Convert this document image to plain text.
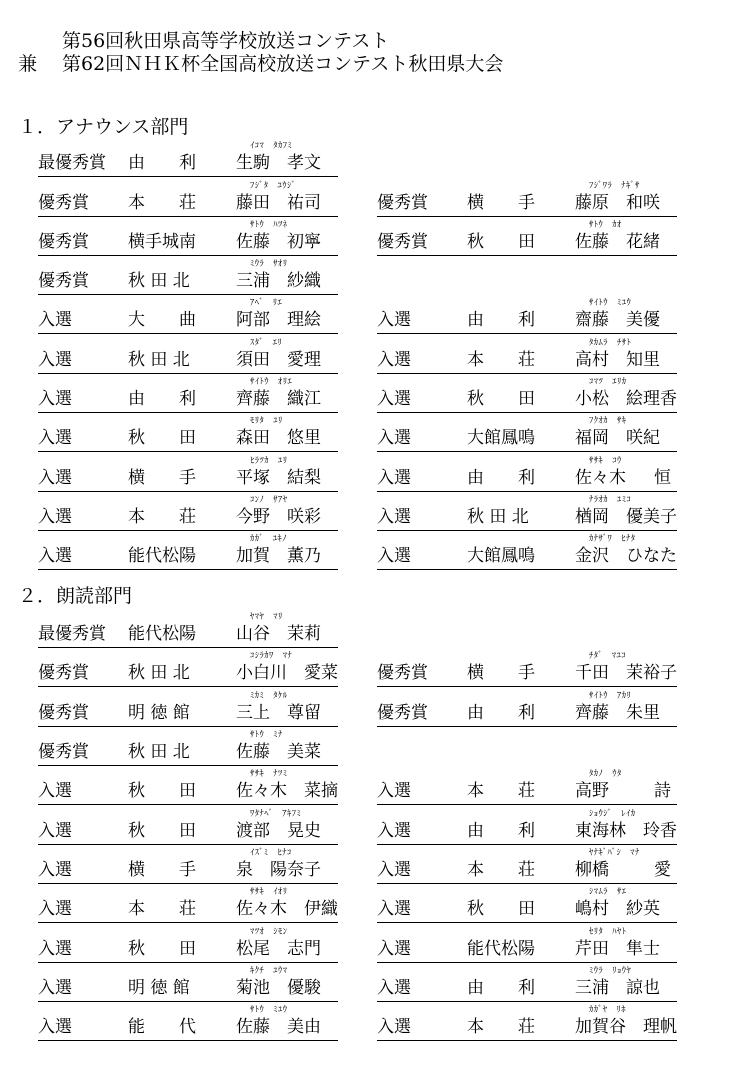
第56回秋田県高等学校放送コンテスト
兼 第62回ＮＨＫ杯全国高校放送コンテスト秋田県大会
１．アナウンス部門
ｲｺﾏ　ﾀｶﾌﾐ
最優秀賞 由　　利	生駒 孝文
ﾌｼﾞﾀ　ﾕｳｼﾞ
優秀賞 本　　荘	藤田 祐司
ｻﾄｳ　ﾊﾂﾈ
優秀賞 横手城南	佐藤 初寧
ﾐｳﾗ　ｻｵﾘ
優秀賞 秋 田 北	三浦 紗織
ｱﾍﾞ　ﾘｴ
入選	大　　曲	阿部 理絵
ｽﾀﾞ　ｴﾘ
入選	秋 田 北	須田 愛理
ｻｲﾄｳ　ｵﾘｴ
入選	由　　利	齊藤 織江
ﾓﾘﾀ　ﾕﾘ
入選	秋　　田	森田 悠里
ﾋﾗﾂｶ　ﾕﾘ
入選	横　　手	平塚 結梨
ｺﾝﾉ　ｻｱﾔ
入選	本　　荘	今野 咲彩
ｶｶﾞ　ﾕｷﾉ
入選	能代松陽	加賀 薫乃
ﾌｼﾞﾜﾗ　ﾅｷﾞｻ
優秀賞 横　　手	藤原 和咲
ｻﾄｳ　ｶｵ
優秀賞 秋　　田	佐藤 花緒
ｻｲﾄｳ　ﾐﾕｳ
入選	由　　利	齋藤 美優
ﾀｶﾑﾗ　ﾁｻﾄ
入選	本　　荘	高村 知里
ｺﾏﾂ　ｴﾘｶ
入選	秋　　田	小松 絵理香
ﾌｸｵｶ　ｻｷ
入選	大館鳳鳴	福岡 咲紀
ｻｻｷ　ｺｳ
入選	由　　利	佐々木 恒
ﾅﾗｵｶ　ﾕﾐｺ
入選	秋 田 北	楢岡 優美子
ｶﾅｻﾞﾜ　ﾋﾅﾀ
入選	大館鳳鳴	金沢 ひなた
２．朗読部門
ﾔﾏﾔ　ﾏﾘ
最優秀賞 能代松陽	山谷 茉莉
ｺｼﾗｶﾜ　ﾏﾅ
優秀賞 秋 田 北	小白川 愛菜
ﾐｶﾐ　ﾀｹﾙ
優秀賞 明 徳 館	三上 尊留
ｻﾄｳ　ﾐﾅ
優秀賞 秋 田 北	佐藤 美菜
ｻｻｷ　ﾅﾂﾐ
入選	秋　　田	佐々木 菜摘
ﾜﾀﾅﾍﾞ　ｱｷﾌﾐ
入選	秋　　田	渡部 晃史
ｲｽﾞﾐ　ﾋﾅｺ
入選	横　　手	泉 陽奈子
ｻｻｷ　ｲｵﾘ
入選	本　　荘	佐々木 伊織
ﾏﾂｵ　ｼﾓﾝ
入選	秋　　田	松尾 志門
ｷｸﾁ　ﾕｳﾏ
入選	明 徳 館	菊池 優駿
ｻﾄｳ　ﾐﾕｳ
入選	能　　代	佐藤 美由
ﾁﾀﾞ　ﾏﾕｺ
優秀賞 横　　手	千田 茉裕子
ｻｲﾄｳ　ｱｶﾘ
優秀賞 由　　利	齊藤 朱里
ﾀｶﾉ　ｳﾀ
入選	本　　荘	高野	詩
ｼｮｳｼﾞ　ﾚｲｶ
入選	由　　利	東海林 玲香
ﾔﾅｷﾞﾊﾞｼ　ﾏﾅ
入選	本　　荘	柳橋	愛
ｼﾏﾑﾗ　ｻｴ
入選	秋　　田	嶋村 紗英
ｾﾘﾀ　ﾊﾔﾄ
入選	能代松陽	芹田 隼士
ﾐｳﾗ　ﾘｮｳﾔ
入選	由　　利	三浦 諒也
ｶｶﾞﾔ　ﾘﾎ
入選	本　　荘	加賀谷 理帆
